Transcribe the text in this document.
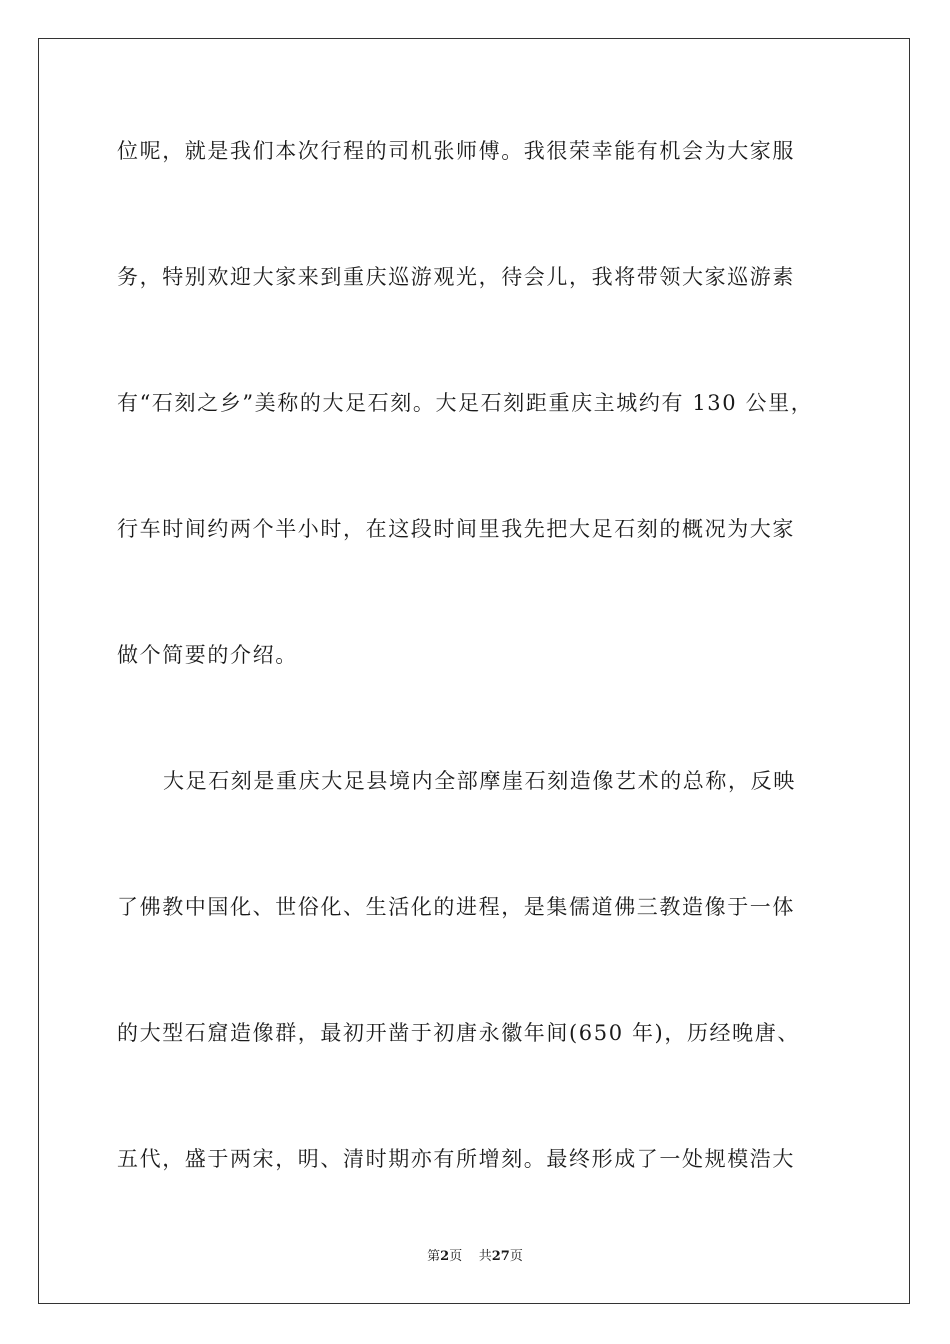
位呢，就是我们本次行程的司机张师傅。我很荣幸能有机会为大家服
务，特别欢迎大家来到重庆巡游观光，待会儿，我将带领大家巡游素
有“石刻之乡”美称的大足石刻。大足石刻距重庆主城约有 130 公里，
行车时间约两个半小时，在这段时间里我先把大足石刻的概况为大家
做个简要的介绍。
大足石刻是重庆大足县境内全部摩崖石刻造像艺术的总称，反映
了佛教中国化、世俗化、生活化的进程，是集儒道佛三教造像于一体
的大型石窟造像群，最初开凿于初唐永徽年间(650 年)，历经晚唐、
五代，盛于两宋，明、清时期亦有所增刻。最终形成了一处规模浩大
第2页 共27页
